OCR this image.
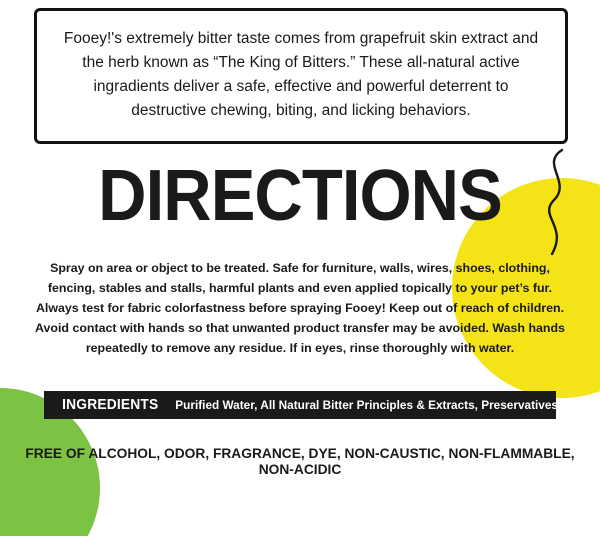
Fooey!'s extremely bitter taste comes from grapefruit skin extract and the herb known as “The King of Bitters.” These all-natural active ingradients deliver a safe, effective and powerful deterrent to destructive chewing, biting, and licking behaviors.

DIRECTIONS
Spray on area or object to be treated. Safe for furniture, walls, wires, shoes, clothing, fencing, stables and stalls, harmful plants and even applied topically to your pet’s fur. Always test for fabric colorfastness before spraying Fooey! Keep out of reach of children. Avoid contact with hands so that unwanted product transfer may be avoided. Wash hands repeatedly to remove any residue. If in eyes, rinse thoroughly with water.
INGREDIENTS	Purified Water, All Natural Bitter Principles & Extracts, Preservatives
FREE OF ALCOHOL, ODOR, FRAGRANCE, DYE, NON-CAUSTIC, NON-FLAMMABLE, NON-ACIDIC
